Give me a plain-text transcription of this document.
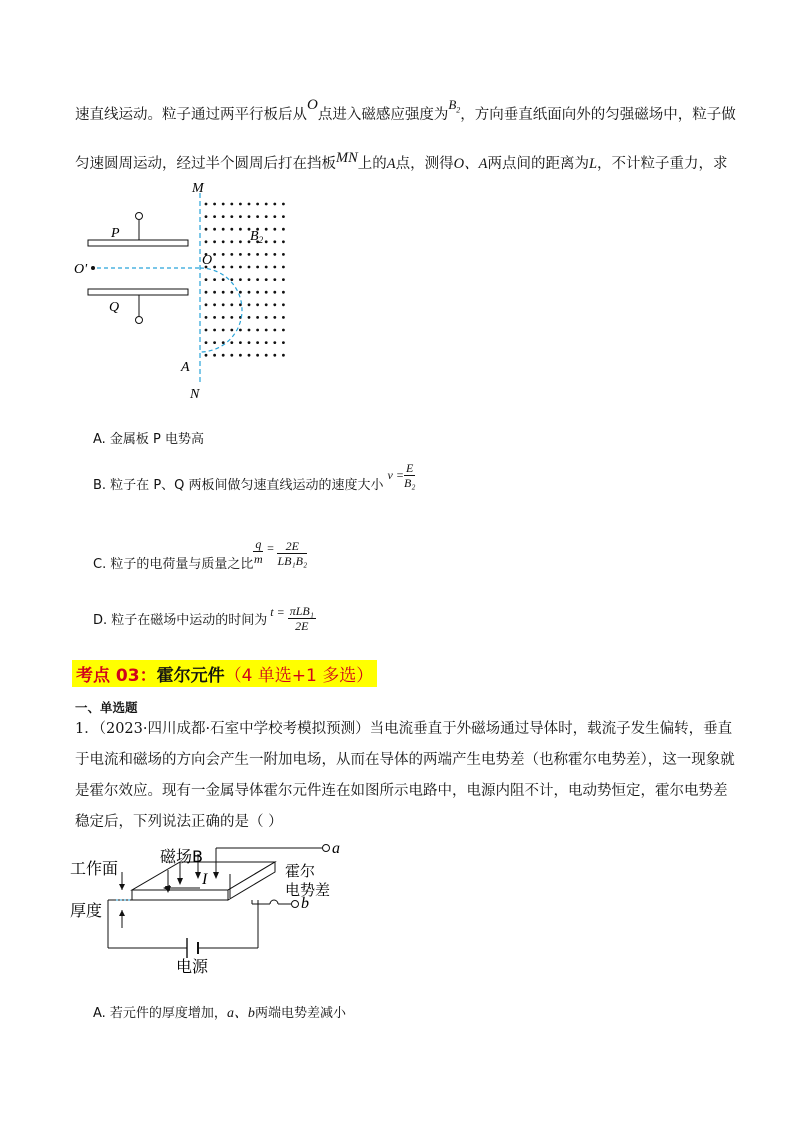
速直线运动。粒子通过两平行板后从O点进入磁感应强度为$B_2$，方向垂直纸面向外的匀强磁场中，粒子做
匀速圆周运动，经过半个圆周后打在挡板MN上的A点，测得O、A两点间的距离为L，不计粒子重力，求
M
N
P
Q
O
O'
A
$B_2$
A. 金属板 P 电势高
B. 粒子在 P、Q 两板间做匀速直线运动的速度大小
$v = \frac{E}{\text{B₂}}$
C. 粒子的电荷量与质量之比 $\frac{q}{m} = \frac{2E}{\text{LB₁B₂}}$
D. 粒子在磁场中运动的时间为
$t = \frac{\text{πLB₁}}{2E}$
考点 03：霍尔元件（4 单选+1 多选）
一、单选题
1．（2023·四川成都·石室中学校考模拟预测）当电流垂直于外磁场通过导体时，载流子发生偏转，垂直于电流和磁场的方向会产生一附加电场，从而在导体的两端产生电势差（也称霍尔电势差），这一现象就是霍尔效应。现有一金属导体霍尔元件连在如图所示电路中，电源内阻不计，电动势恒定，霍尔电势差稳定后，下列说法正确的是（ ）
磁场B
工作面
厚度
I
a
b
霍尔
电势差
电源
A. 若元件的厚度增加，a、b两端电势差减小
